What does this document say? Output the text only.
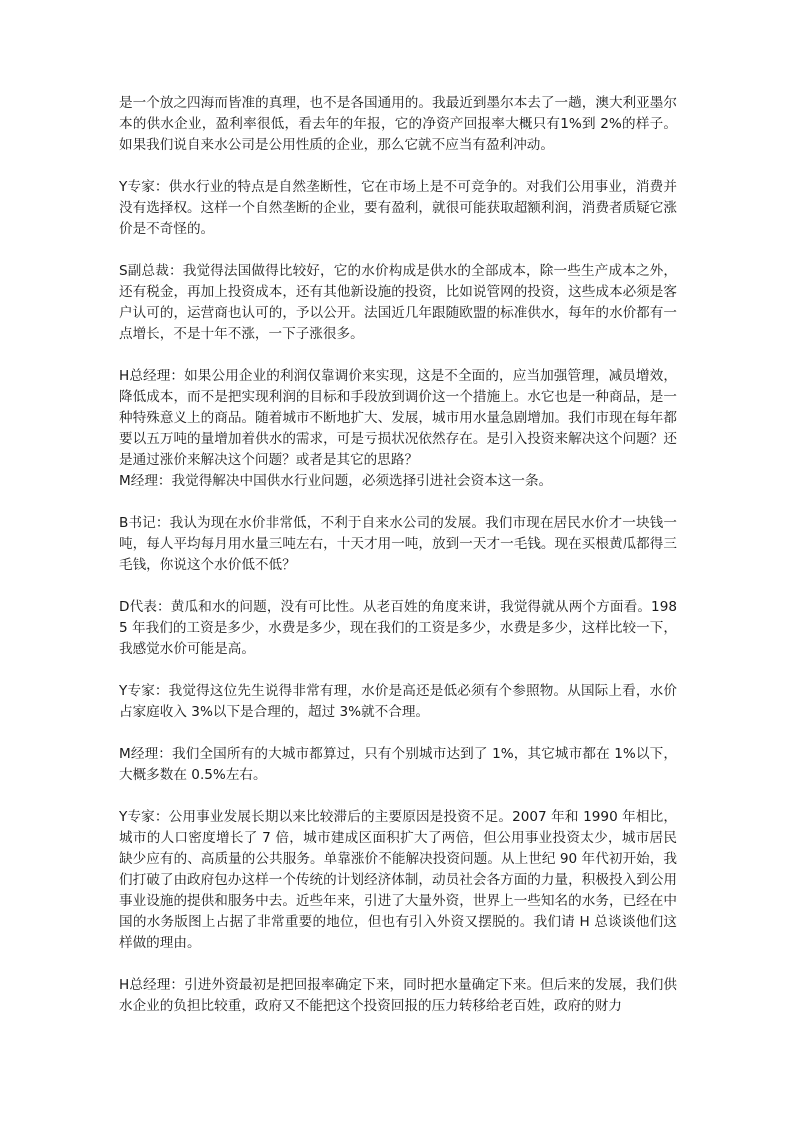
是一个放之四海而皆准的真理，也不是各国通用的。我最近到墨尔本去了一趟，澳大利亚墨尔本的供水企业，盈利率很低，看去年的年报，它的净资产回报率大概只有1%到 2%的样子。如果我们说自来水公司是公用性质的企业，那么它就不应当有盈利冲动。

Y专家：供水行业的特点是自然垄断性，它在市场上是不可竞争的。对我们公用事业，消费并没有选择权。这样一个自然垄断的企业，要有盈利，就很可能获取超额利润，消费者质疑它涨价是不奇怪的。

S副总裁：我觉得法国做得比较好，它的水价构成是供水的全部成本，除一些生产成本之外，还有税金，再加上投资成本，还有其他新设施的投资，比如说管网的投资，这些成本必须是客户认可的，运营商也认可的，予以公开。法国近几年跟随欧盟的标准供水，每年的水价都有一点增长，不是十年不涨，一下子涨很多。

H总经理：如果公用企业的利润仅靠调价来实现，这是不全面的，应当加强管理，减员增效，降低成本，而不是把实现利润的目标和手段放到调价这一个措施上。水它也是一种商品，是一种特殊意义上的商品。随着城市不断地扩大、发展，城市用水量急剧增加。我们市现在每年都要以五万吨的量增加着供水的需求，可是亏损状况依然存在。是引入投资来解决这个问题？还是通过涨价来解决这个问题？或者是其它的思路？

M经理：我觉得解决中国供水行业问题，必须选择引进社会资本这一条。

B书记：我认为现在水价非常低，不利于自来水公司的发展。我们市现在居民水价才一块钱一吨，每人平均每月用水量三吨左右，十天才用一吨，放到一天才一毛钱。现在买根黄瓜都得三毛钱，你说这个水价低不低？

D代表：黄瓜和水的问题，没有可比性。从老百姓的角度来讲，我觉得就从两个方面看。1985 年我们的工资是多少，水费是多少，现在我们的工资是多少，水费是多少，这样比较一下，我感觉水价可能是高。

Y专家：我觉得这位先生说得非常有理，水价是高还是低必须有个参照物。从国际上看，水价占家庭收入 3%以下是合理的，超过 3%就不合理。

M经理：我们全国所有的大城市都算过，只有个别城市达到了 1%，其它城市都在 1%以下，大概多数在 0.5%左右。

Y专家：公用事业发展长期以来比较滞后的主要原因是投资不足。2007 年和 1990 年相比，城市的人口密度增长了 7 倍，城市建成区面积扩大了两倍，但公用事业投资太少，城市居民缺少应有的、高质量的公共服务。单靠涨价不能解决投资问题。从上世纪 90 年代初开始，我们打破了由政府包办这样一个传统的计划经济体制，动员社会各方面的力量，积极投入到公用事业设施的提供和服务中去。近些年来，引进了大量外资，世界上一些知名的水务，已经在中国的水务版图上占据了非常重要的地位，但也有引入外资又摆脱的。我们请 H 总谈谈他们这样做的理由。

H总经理：引进外资最初是把回报率确定下来，同时把水量确定下来。但后来的发展，我们供水企业的负担比较重，政府又不能把这个投资回报的压力转移给老百姓，政府的财力
